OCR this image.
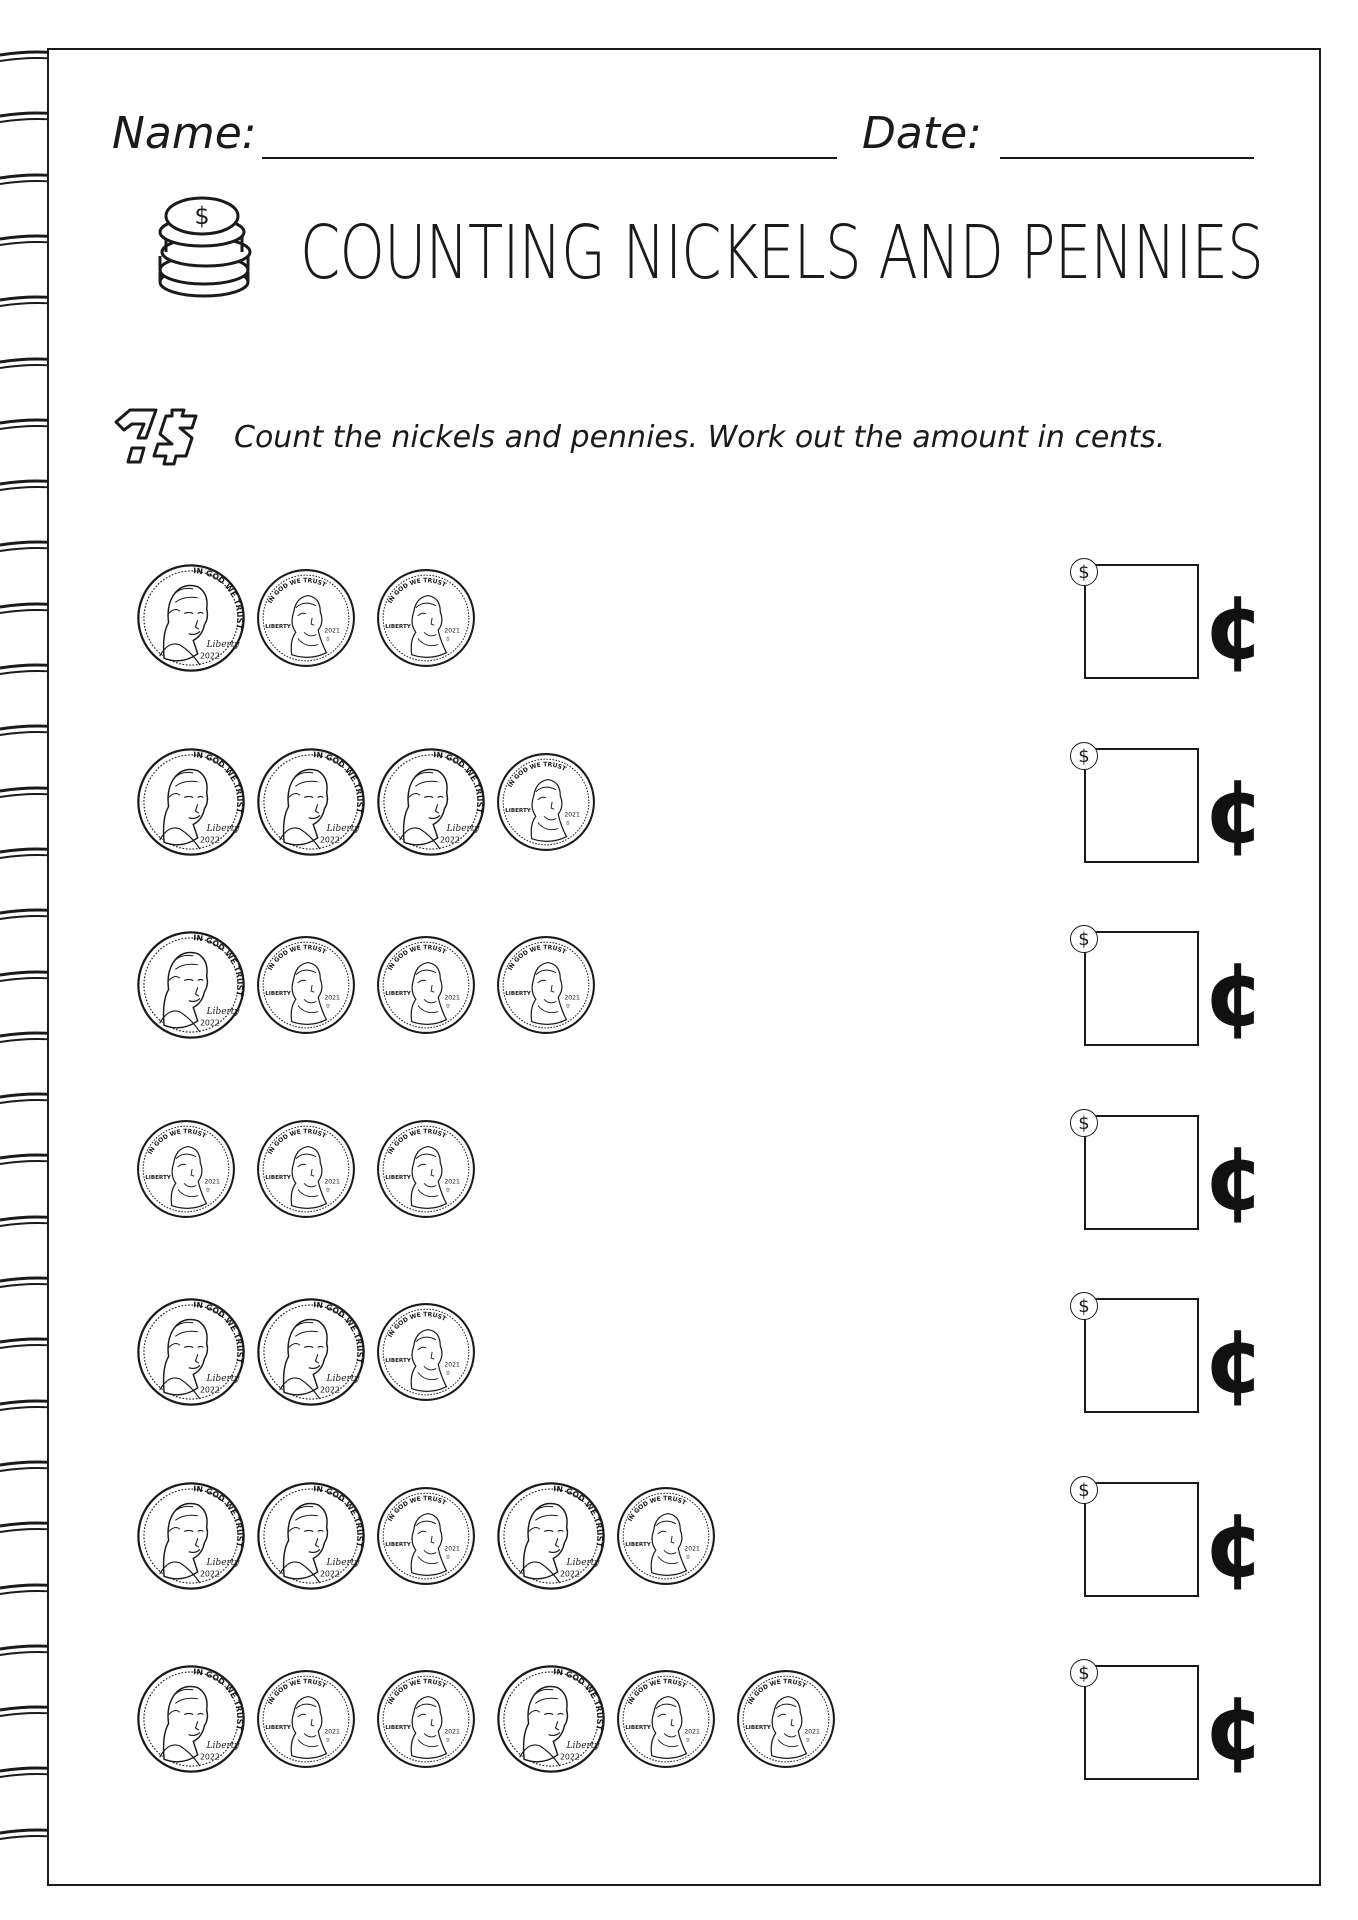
Name:	Date:
$ COUNTING NICKELS AND PENNIES
Count the nickels and pennies. Work out the amount in cents.
IN GOD WE TRUST
Liberty
2022
IN GOD WE TRUST
LIBERTY
2021
D
IN GOD WE TRUST
LIBERTY
2021
D
$
¢
IN GOD WE TRUST
Liberty
2022
IN GOD WE TRUST
Liberty
2022
IN GOD WE TRUST
Liberty
2022
IN GOD WE TRUST
LIBERTY
2021
D
$
¢
IN GOD WE TRUST
Liberty
2022
IN GOD WE TRUST
LIBERTY
2021
D
IN GOD WE TRUST
LIBERTY
2021
D
IN GOD WE TRUST
LIBERTY
2021
D
$
¢
IN GOD WE TRUST
LIBERTY
2021
D
IN GOD WE TRUST
LIBERTY
2021
D
IN GOD WE TRUST
LIBERTY
2021
D
$
¢
IN GOD WE TRUST
Liberty
2022
IN GOD WE TRUST
Liberty
2022
IN GOD WE TRUST
LIBERTY
2021
D
$
¢
IN GOD WE TRUST
Liberty
2022
IN GOD WE TRUST
Liberty
2022
IN GOD WE TRUST
LIBERTY
2021
D
IN GOD WE TRUST
Liberty
2022
IN GOD WE TRUST
LIBERTY
2021
D
$
¢
IN GOD WE TRUST
Liberty
2022
IN GOD WE TRUST
LIBERTY
2021
D
IN GOD WE TRUST
LIBERTY
2021
D
IN GOD WE TRUST
Liberty
2022
IN GOD WE TRUST
LIBERTY
2021
D
IN GOD WE TRUST
LIBERTY
2021
D
$
¢
